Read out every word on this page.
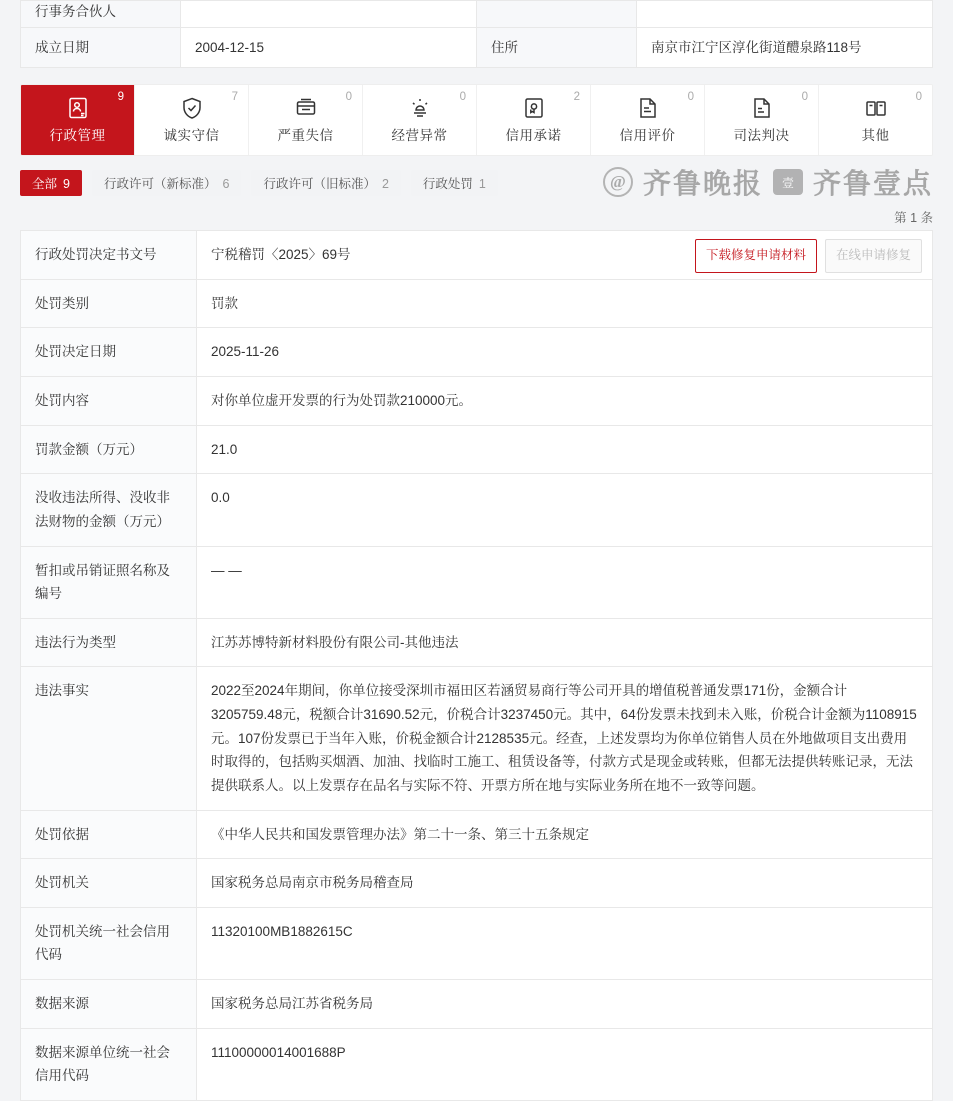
行事务合伙人			
成立日期	2004-12-15	住所	南京市江宁区淳化街道醴泉路118号
9
行政管理
7
诚实守信
0
严重失信
0
经营异常
2
信用承诺
0
信用评价
0
司法判决
0
其他
全部 9	行政许可（新标准） 6	行政许可（旧标准） 2	行政处罚 1	@ 齐鲁晚报	壹 齐鲁壹点
第 1 条
行政处罚决定书文号	宁税稽罚〈2025〉69号 下载修复申请材料 在线申请修复

处罚类别	罚款
处罚决定日期	2025-11-26
处罚内容	对你单位虚开发票的行为处罚款210000元。
罚款金额（万元）	21.0
没收违法所得、没收非法财物的金额（万元）	0.0
暂扣或吊销证照名称及编号	— —
违法行为类型	江苏苏博特新材料股份有限公司-其他违法
违法事实	2022至2024年期间，你单位接受深圳市福田区若涵贸易商行等公司开具的增值税普通发票171份，金额合计3205759.48元，税额合计31690.52元，价税合计3237450元。其中，64份发票未找到未入账，价税合计金额为1108915元。107份发票已于当年入账，价税金额合计2128535元。经查，上述发票均为你单位销售人员在外地做项目支出费用时取得的，包括购买烟酒、加油、找临时工施工、租赁设备等，付款方式是现金或转账，但都无法提供转账记录，无法提供联系人。以上发票存在品名与实际不符、开票方所在地与实际业务所在地不一致等问题。
处罚依据	《中华人民共和国发票管理办法》第二十一条、第三十五条规定
处罚机关	国家税务总局南京市税务局稽查局
处罚机关统一社会信用代码	11320100MB1882615C
数据来源	国家税务总局江苏省税务局
数据来源单位统一社会信用代码	11100000014001688P
